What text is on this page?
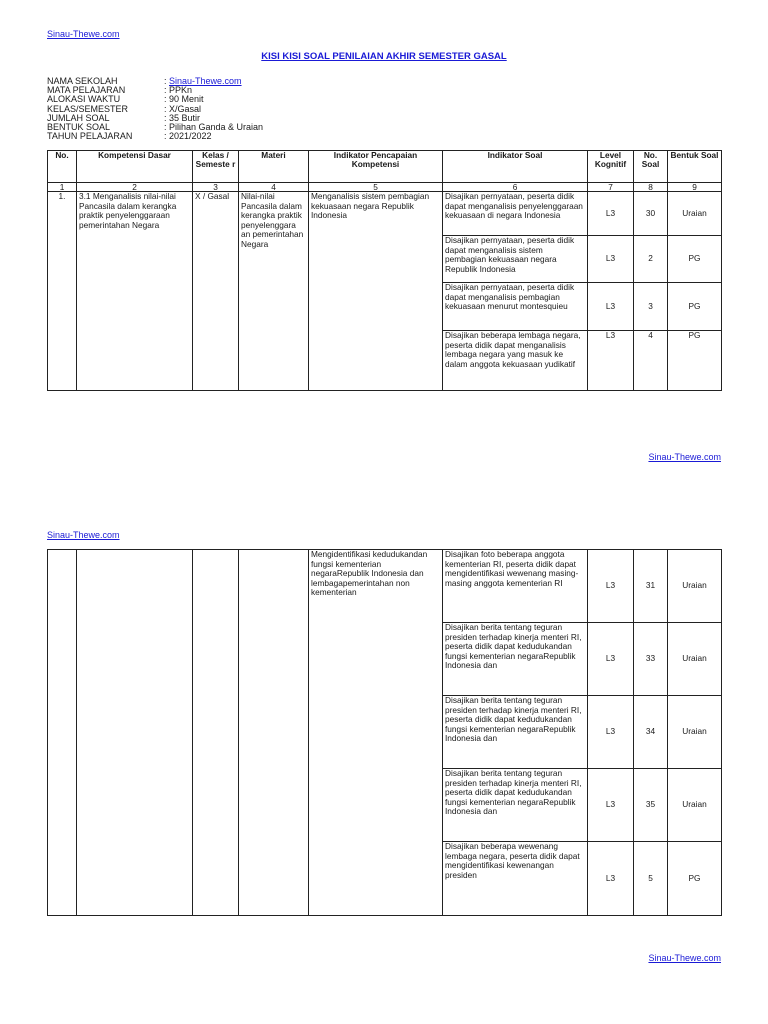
Sinau-Thewe.com
KISI KISI SOAL PENILAIAN AKHIR SEMESTER GASAL
NAMA SEKOLAH	: Sinau-Thewe.com
MATA PELAJARAN	: PPKn
ALOKASI WAKTU	: 90 Menit
KELAS/SEMESTER	: X/Gasal
JUMLAH SOAL	: 35 Butir
BENTUK SOAL	: Pilihan Ganda & Uraian
TAHUN PELAJARAN	: 2021/2022
No.	Kompetensi Dasar	Kelas / Semeste r	Materi	Indikator Pencapaian Kompetensi	Indikator Soal	Level Kognitif	No. Soal	Bentuk Soal
1	2	3	4	5	6	7	8	9
1.	3.1 Menganalisis nilai-nilai Pancasila dalam kerangka praktik penyelenggaraan pemerintahan Negara	X / Gasal	Nilai-nilai Pancasila dalam kerangka praktik penyelenggara an pemerintahan Negara	Menganalisis sistem pembagian kekuasaan negara Republik Indonesia	Disajikan pernyataan, peserta didik dapat menganalisis penyelenggaraan kekuasaan di negara Indonesia	L3	30	Uraian
					Disajikan pernyataan, peserta didik dapat menganalisis sistem pembagian kekuasaan negara Republik Indonesia	L3	2	PG
					Disajikan pernyataan, peserta didik dapat menganalisis pembagian kekuasaan menurut montesquieu	L3	3	PG
					Disajikan beberapa lembaga negara, peserta didik dapat menganalisis lembaga negara yang masuk ke dalam anggota kekuasaan yudikatif	L3	4	PG
Sinau-Thewe.com
Sinau-Thewe.com
				Mengidentifikasi kedudukandan fungsi kementerian negaraRepublik Indonesia dan lembagapemerintahan non kementerian	Disajikan foto beberapa anggota kementerian RI, peserta didik dapat mengidentifikasi wewenang masing-masing anggota kementerian RI	L3	31	Uraian
					Disajikan berita tentang teguran presiden terhadap kinerja menteri RI, peserta didik dapat kedudukandan fungsi kementerian negaraRepublik Indonesia dan	L3	33	Uraian
					Disajikan berita tentang teguran presiden terhadap kinerja menteri RI, peserta didik dapat kedudukandan fungsi kementerian negaraRepublik Indonesia dan	L3	34	Uraian
					Disajikan berita tentang teguran presiden terhadap kinerja menteri RI, peserta didik dapat kedudukandan fungsi kementerian negaraRepublik Indonesia dan	L3	35	Uraian
					Disajikan beberapa wewenang lembaga negara, peserta didik dapat mengidentifikasi kewenangan presiden	L3	5	PG
Sinau-Thewe.com
